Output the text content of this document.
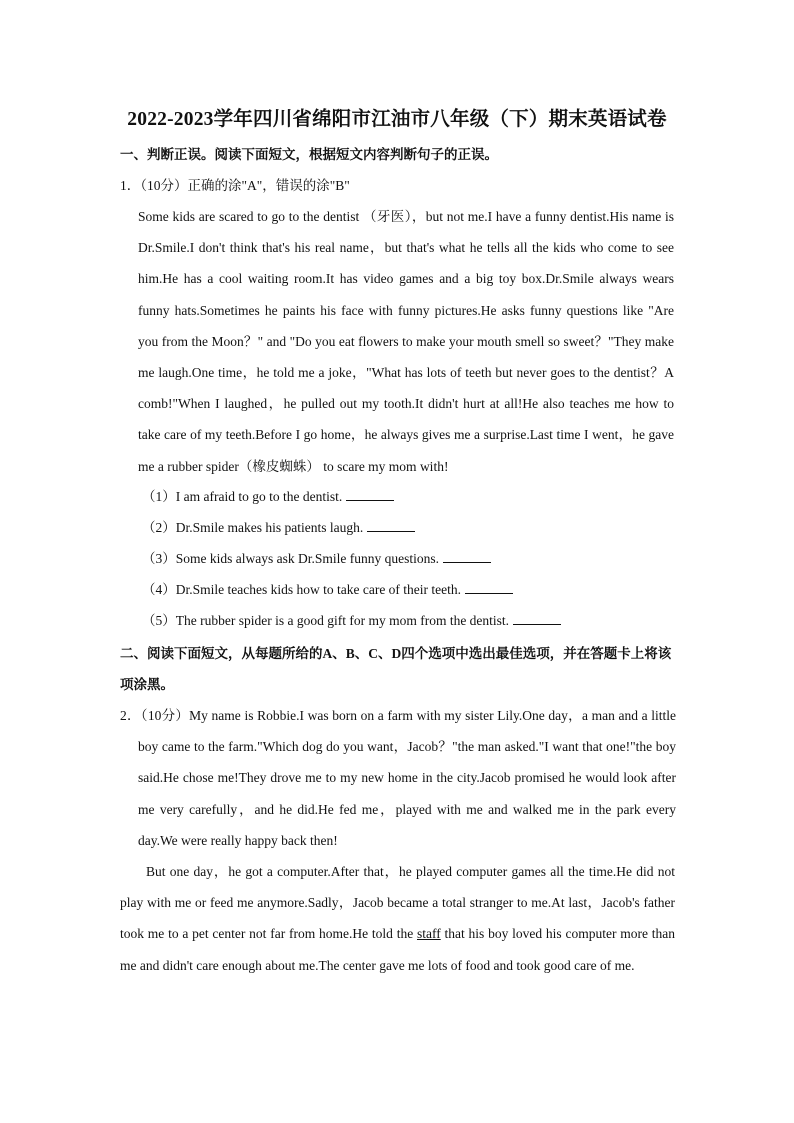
2022-2023学年四川省绵阳市江油市八年级（下）期末英语试卷
一、判断正误。阅读下面短文，根据短文内容判断句子的正误。
1．（10分）正确的涂"A"，错误的涂"B"
Some kids are scared to go to the dentist （牙医），but not me.I have a funny dentist.His name is Dr.Smile.I don't think that's his real name，but that's what he tells all the kids who come to see him.He has a cool waiting room.It has video games and a big toy box.Dr.Smile always wears funny hats.Sometimes he paints his face with funny pictures.He asks funny questions like "Are you from the Moon？" and "Do you eat flowers to make your mouth smell so sweet？"They make me laugh.One time，he told me a joke，"What has lots of teeth but never goes to the dentist？A comb!"When I laughed，he pulled out my tooth.It didn't hurt at all!He also teaches me how to take care of my teeth.Before I go home，he always gives me a surprise.Last time I went，he gave me a rubber spider（橡皮蜘蛛） to scare my mom with!
（1）I am afraid to go to the dentist.
（2）Dr.Smile makes his patients laugh.
（3）Some kids always ask Dr.Smile funny questions.
（4）Dr.Smile teaches kids how to take care of their teeth.
（5）The rubber spider is a good gift for my mom from the dentist.
二、阅读下面短文，从每题所给的A、B、C、D四个选项中选出最佳选项，并在答题卡上将该项涂黑。
2．（10分）My name is Robbie.I was born on a farm with my sister Lily.One day，a man and a little boy came to the farm."Which dog do you want，Jacob？"the man asked."I want that one!"the boy said.He chose me!They drove me to my new home in the city.Jacob promised he would look after me very carefully，and he did.He fed me，played with me and walked me in the park every day.We were really happy back then!
But one day，he got a computer.After that，he played computer games all the time.He did not play with me or feed me anymore.Sadly，Jacob became a total stranger to me.At last，Jacob's father took me to a pet center not far from home.He told the staff that his boy loved his computer more than me and didn't care enough about me.The center gave me lots of food and took good care of me.
